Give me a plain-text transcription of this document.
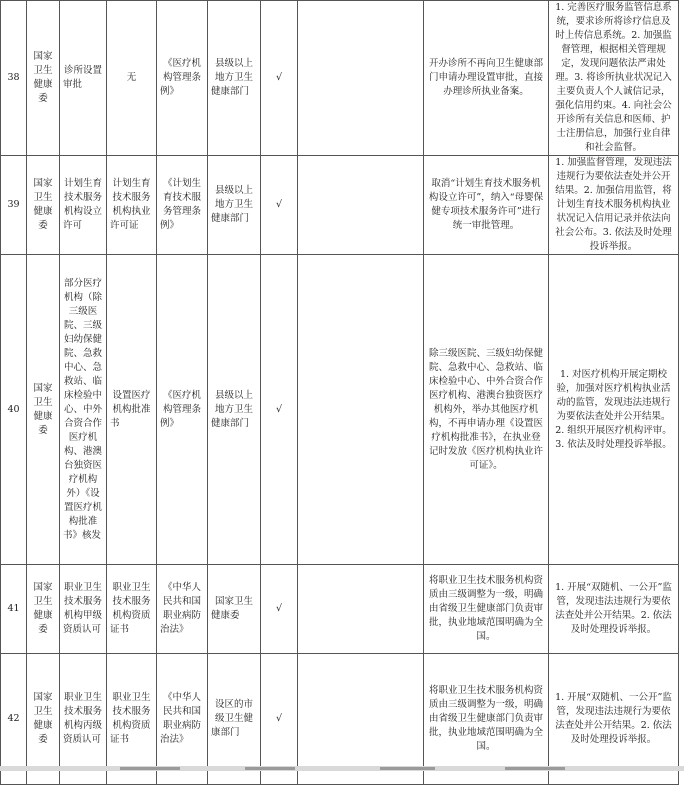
38	国家卫生健康委	诊所设置审批	无	《医疗机构管理条例》	县级以上地方卫生健康部门	√		开办诊所不再向卫生健康部门申请办理设置审批，直接办理诊所执业备案。	1. 完善医疗服务监管信息系统，要求诊所将诊疗信息及时上传信息系统。2. 加强监督管理，根据相关管理规定，发现问题依法严肃处理。3. 将诊所执业状况记入主要负责人个人诚信记录，强化信用约束。4. 向社会公开诊所有关信息和医师、护士注册信息，加强行业自律和社会监督。
39	国家卫生健康委	计划生育技术服务机构设立许可	计划生育技术服务机构执业许可证	《计划生育技术服务管理条例》	县级以上地方卫生健康部门	√		取消“计划生育技术服务机构设立许可”，纳入“母婴保健专项技术服务许可”进行统一审批管理。	1. 加强监督管理，发现违法违规行为要依法查处并公开结果。2. 加强信用监管，将计划生育技术服务机构执业状况记入信用记录并依法向社会公布。3. 依法及时处理投诉举报。
40	国家卫生健康委	部分医疗机构（除三级医院、三级妇幼保健院、急救中心、急救站、临床检验中心、中外合资合作医疗机构、港澳台独资医疗机构外）《设置医疗机构批准书》核发	设置医疗机构批准书	《医疗机构管理条例》	县级以上地方卫生健康部门	√		除三级医院、三级妇幼保健院、急救中心、急救站、临床检验中心、中外合资合作医疗机构、港澳台独资医疗机构外，举办其他医疗机构，不再申请办理《设置医疗机构批准书》，在执业登记时发放《医疗机构执业许可证》。	1. 对医疗机构开展定期校验，加强对医疗机构执业活动的监管，发现违法违规行为要依法查处并公开结果。2. 组织开展医疗机构评审。3. 依法及时处理投诉举报。
41	国家卫生健康委	职业卫生技术服务机构甲级资质认可	职业卫生技术服务机构资质证书	《中华人民共和国职业病防治法》	国家卫生健康委	√		将职业卫生技术服务机构资质由三级调整为一级，明确由省级卫生健康部门负责审批，执业地域范围明确为全国。	1. 开展“双随机、一公开”监管，发现违法违规行为要依法查处并公开结果。2. 依法及时处理投诉举报。
42	国家卫生健康委	职业卫生技术服务机构丙级资质认可	职业卫生技术服务机构资质证书	《中华人民共和国职业病防治法》	设区的市级卫生健康部门	√		将职业卫生技术服务机构资质由三级调整为一级，明确由省级卫生健康部门负责审批，执业地域范围明确为全国。	1. 开展“双随机、一公开”监管，发现违法违规行为要依法查处并公开结果。2. 依法及时处理投诉举报。
